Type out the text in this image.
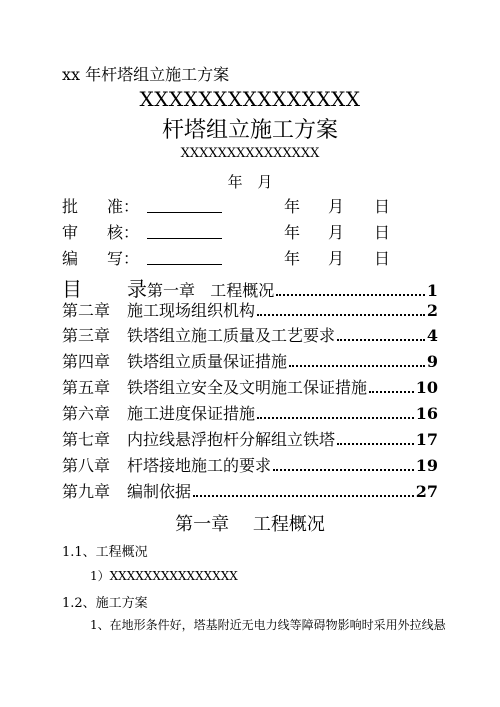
xx 年杆塔组立施工方案
XXXXXXXXXXXXXXX
杆塔组立施工方案
XXXXXXXXXXXXXXX
年 月
批 准：	年 月 日
审 核：	年 月 日
编 写：	年 月 日
目	录第一章 工程概况	1
第二章	施工现场组织机构	2
第三章	铁塔组立施工质量及工艺要求	4
第四章	铁塔组立质量保证措施	9
第五章	铁塔组立安全及文明施工保证措施	10
第六章	施工进度保证措施	16
第七章	内拉线悬浮抱杆分解组立铁塔	17
第八章	杆塔接地施工的要求	19
第九章	编制依据	27
第一章 工程概况
1.1、工程概况
1）XXXXXXXXXXXXXXX
1.2、施工方案
1、在地形条件好，塔基附近无电力线等障碍物影响时采用外拉线悬
